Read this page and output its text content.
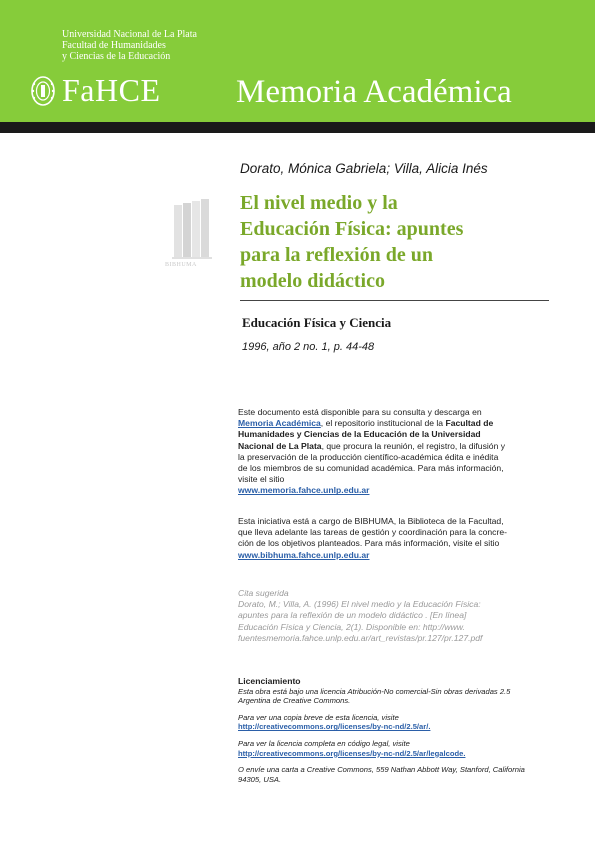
Universidad Nacional de La Plata
Facultad de Humanidades
y Ciencias de la Educación
FaHCE Memoria Académica
BIBHUMA
Dorato, Mónica Gabriela; Villa, Alicia Inés
El nivel medio y la
Educación Física: apuntes
para la reflexión de un
modelo didáctico
Educación Física y Ciencia
1996, año 2 no. 1, p. 44-48
Este documento está disponible para su consulta y descarga en
Memoria Académica, el repositorio institucional de la Facultad de
Humanidades y Ciencias de la Educación de la Universidad
Nacional de La Plata, que procura la reunión, el registro, la difusión y
la preservación de la producción científico-académica édita e inédita
de los miembros de su comunidad académica. Para más información,
visite el sitio
www.memoria.fahce.unlp.edu.ar
Esta iniciativa está a cargo de BIBHUMA, la Biblioteca de la Facultad,
que lleva adelante las tareas de gestión y coordinación para la concre-
ción de los objetivos planteados. Para más información, visite el sitio
www.bibhuma.fahce.unlp.edu.ar
Cita sugerida
Dorato, M.; Villa, A. (1996) El nivel medio y la Educación Física:
apuntes para la reflexión de un modelo didáctico . [En línea]
Educación Física y Ciencia, 2(1). Disponible en: http://www.
fuentesmemoria.fahce.unlp.edu.ar/art_revistas/pr.127/pr.127.pdf
Licenciamiento
Esta obra está bajo una licencia Atribución-No comercial-Sin obras derivadas 2.5
Argentina de Creative Commons.
Para ver una copia breve de esta licencia, visite
http://creativecommons.org/licenses/by-nc-nd/2.5/ar/.
Para ver la licencia completa en código legal, visite
http://creativecommons.org/licenses/by-nc-nd/2.5/ar/legalcode.
O envíe una carta a Creative Commons, 559 Nathan Abbott Way, Stanford, California
94305, USA.
